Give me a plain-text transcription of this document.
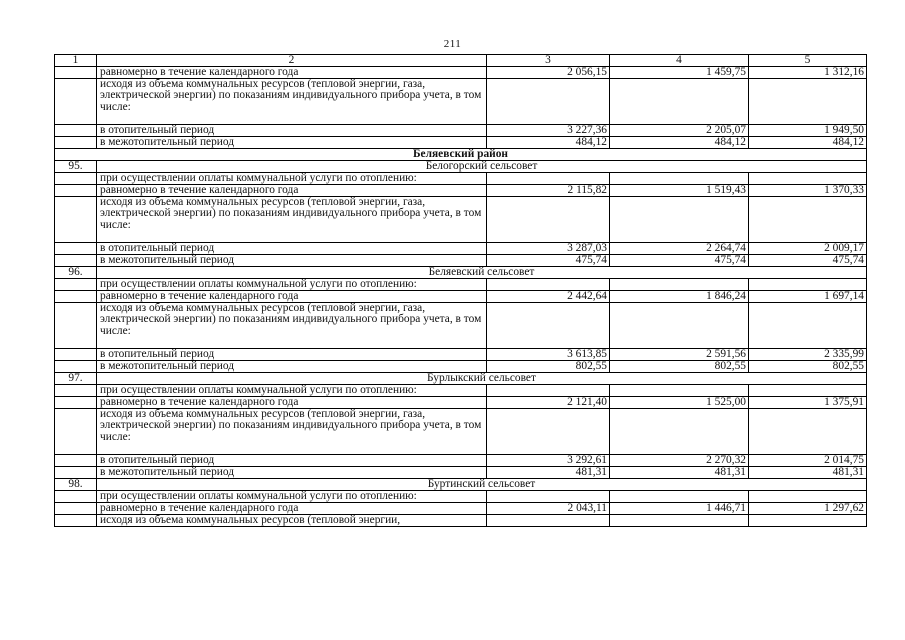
211
1	2	3	4	5
	равномерно в течение календарного года	2 056,15	1 459,75	1 312,16
	исходя из объема коммунальных ресурсов (тепловой энергии, газа, электрической энергии) по показаниям индивидуального прибора учета, в том числе:			
	в отопительный период	3 227,36	2 205,07	1 949,50
	в межотопительный период	484,12	484,12	484,12
Беляевский район				
95.	Белогорский сельсовет			
	при осуществлении оплаты коммунальной услуги по отоплению:			
	равномерно в течение календарного года	2 115,82	1 519,43	1 370,33
	исходя из объема коммунальных ресурсов (тепловой энергии, газа, электрической энергии) по показаниям индивидуального прибора учета, в том числе:			
	в отопительный период	3 287,03	2 264,74	2 009,17
	в межотопительный период	475,74	475,74	475,74
96.	Беляевский сельсовет			
	при осуществлении оплаты коммунальной услуги по отоплению:			
	равномерно в течение календарного года	2 442,64	1 846,24	1 697,14
	исходя из объема коммунальных ресурсов (тепловой энергии, газа, электрической энергии) по показаниям индивидуального прибора учета, в том числе:			
	в отопительный период	3 613,85	2 591,56	2 335,99
	в межотопительный период	802,55	802,55	802,55
97.	Бурлыкский сельсовет			
	при осуществлении оплаты коммунальной услуги по отоплению:			
	равномерно в течение календарного года	2 121,40	1 525,00	1 375,91
	исходя из объема коммунальных ресурсов (тепловой энергии, газа, электрической энергии) по показаниям индивидуального прибора учета, в том числе:			
	в отопительный период	3 292,61	2 270,32	2 014,75
	в межотопительный период	481,31	481,31	481,31
98.	Буртинский сельсовет			
	при осуществлении оплаты коммунальной услуги по отоплению:			
	равномерно в течение календарного года	2 043,11	1 446,71	1 297,62
	исходя из объема коммунальных ресурсов (тепловой энергии,			
